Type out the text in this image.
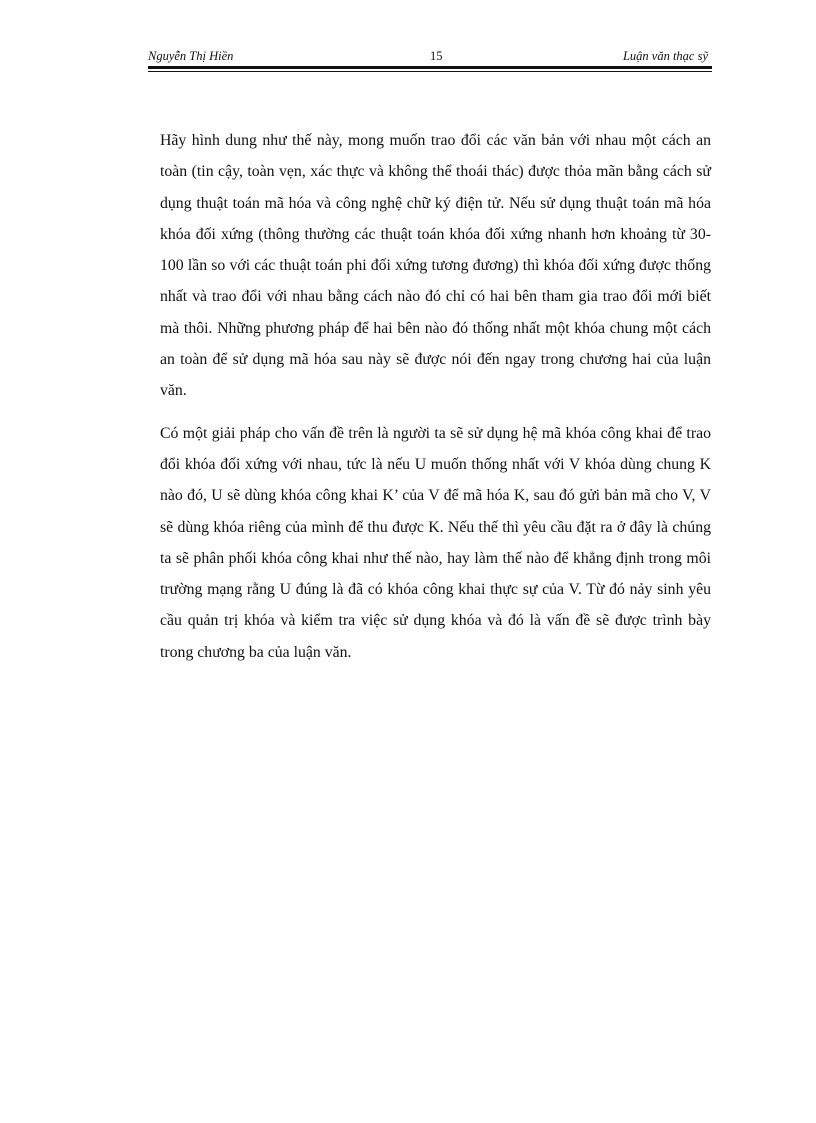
Nguyễn Thị Hiền	15	Luận văn thạc sỹ

Hãy hình dung như thế này, mong muốn trao đổi các văn bản với nhau một cách an toàn (tin cậy, toàn vẹn, xác thực và không thể thoái thác) được thỏa mãn bằng cách sử dụng thuật toán mã hóa và công nghệ chữ ký điện tử. Nếu sử dụng thuật toán mã hóa khóa đối xứng (thông thường các thuật toán khóa đối xứng nhanh hơn khoảng từ 30-100 lần so với các thuật toán phi đối xứng tương đương) thì khóa đối xứng được thống nhất và trao đổi với nhau bằng cách nào đó chỉ có hai bên tham gia trao đổi mới biết mà thôi. Những phương pháp để hai bên nào đó thống nhất một khóa chung một cách an toàn để sử dụng mã hóa sau này sẽ được nói đến ngay trong chương hai của luận văn.

Có một giải pháp cho vấn đề trên là người ta sẽ sử dụng hệ mã khóa công khai để trao đổi khóa đối xứng với nhau, tức là nếu U muốn thống nhất với V khóa dùng chung K nào đó, U sẽ dùng khóa công khai K’ của V để mã hóa K, sau đó gửi bản mã cho V, V sẽ dùng khóa riêng của mình để thu được K. Nếu thế thì yêu cầu đặt ra ở đây là chúng ta sẽ phân phối khóa công khai như thế nào, hay làm thế nào để khẳng định trong môi trường mạng rằng U đúng là đã có khóa công khai thực sự của V. Từ đó nảy sinh yêu cầu quản trị khóa và kiểm tra việc sử dụng khóa và đó là vấn đề sẽ được trình bày trong chương ba của luận văn.
